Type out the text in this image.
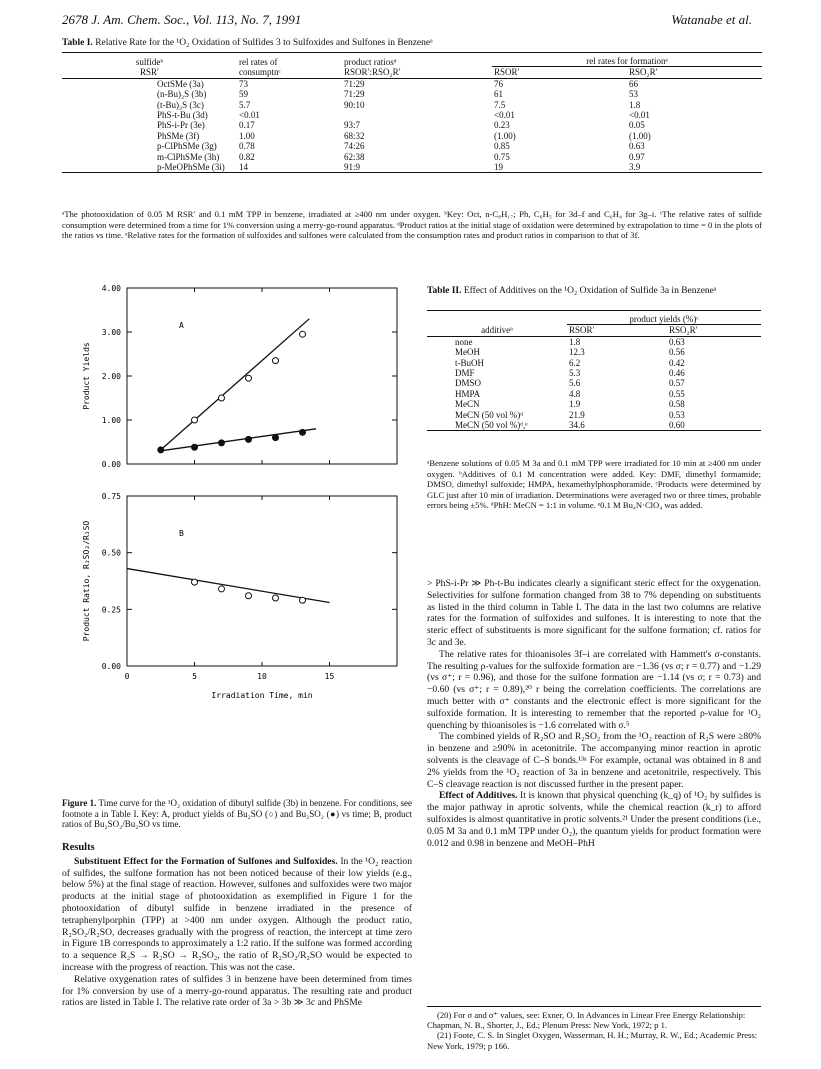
2678 J. Am. Chem. Soc., Vol. 113, No. 7, 1991	Watanabe et al.
Table I. Relative Rate for the ¹O₂ Oxidation of Sulfides 3 to Sulfoxides and Sulfones in Benzeneᵃ
sulfideᵇ	rel rates of	product ratiosᵈ	rel rates for formationᵉ	
RSR′	consumptnᶜ	RSOR′:RSO₂R′	RSOR′	RSO₂R′
OctSMe (3a)	73	71:29	76	66
(n-Bu)₂S (3b)	59	71:29	61	53
(t-Bu)₂S (3c)	5.7	90:10	7.5	1.8
PhS-t-Bu (3d)	<0.01		<0.01	<0.01
PhS-i-Pr (3e)	0.17	93:7	0.23	0.05
PhSMe (3f)	1.00	68:32	(1.00)	(1.00)
p-ClPhSMe (3g)	0.78	74:26	0.85	0.63
m-ClPhSMe (3h)	0.82	62:38	0.75	0.97
p-MeOPhSMe (3i)	14	91:9	19	3.9
ᵃThe photooxidation of 0.05 M RSR′ and 0.1 mM TPP in benzene, irradiated at ≥400 nm under oxygen. ᵇKey: Oct, n-C₈H₁₇; Ph, C₆H₅ for 3d–f and C₆H₄ for 3g–i. ᶜThe relative rates of sulfide consumption were determined from a time for 1% conversion using a merry-go-round apparatus. ᵈProduct ratios at the initial stage of oxidation were determined by extrapolation to time = 0 in the plots of the ratios vs time. ᵉRelative rates for the formation of sulfoxides and sulfones were calculated from the consumption rates and product ratios in comparison to that of 3f.
0.00
1.00
2.00
3.00
4.00
Product Yields
A
0.00
0.25
0.50
0.75
0	5	10	15
Irradiation Time, min
Product Ratio, R₂SO₂/R₂SO	B
Figure 1. Time curve for the ¹O₂ oxidation of dibutyl sulfide (3b) in benzene. For conditions, see footnote a in Table I. Key: A, product yields of Bu₂SO (○) and Bu₂SO₂ (●) vs time; B, product ratios of Bu₂SO₂/Bu₂SO vs time.
Table II. Effect of Additives on the ¹O₂ Oxidation of Sulfide 3a in Benzeneᵃ
	product yields (%)ᶜ	
additiveᵇ	RSOR′	RSO₂R′
none	1.8	0.63
MeOH	12.3	0.56
t-BuOH	6.2	0.42
DMF	5.3	0.46
DMSO	5.6	0.57
HMPA	4.8	0.55
MeCN	1.9	0.58
MeCN (50 vol %)ᵈ	21.9	0.53
MeCN (50 vol %)ᵈ,ᵉ	34.6	0.60
ᵃBenzene solutions of 0.05 M 3a and 0.1 mM TPP were irradiated for 10 min at ≥400 nm under oxygen. ᵇAdditives of 0.1 M concentration were added. Key: DMF, dimethyl formamide; DMSO, dimethyl sulfoxide; HMPA, hexamethylphosphoramide. ᶜProducts were determined by GLC just after 10 min of irradiation. Determinations were averaged two or three times, probable errors being ±5%. ᵈPhH: MeCN = 1:1 in volume. ᵉ0.1 M Bu₄N·ClO₄ was added.

Results

Substituent Effect for the Formation of Sulfones and Sulfoxides. In the ¹O₂ reaction of sulfides, the sulfone formation has not been noticed because of their low yields (e.g., below 5%) at the final stage of reaction. However, sulfones and sulfoxides were two major products at the initial stage of photooxidation as exemplified in Figure 1 for the photooxidation of dibutyl sulfide in benzene irradiated in the presence of tetraphenylporphin (TPP) at >400 nm under oxygen. Although the product ratio, R₂SO₂/R₂SO, decreases gradually with the progress of reaction, the intercept at time zero in Figure 1B corresponds to approximately a 1:2 ratio. If the sulfone was formed according to a sequence R₂S → R₂SO → R₂SO₂, the ratio of R₂SO₂/R₂SO would be expected to increase with the progress of reaction. This was not the case.

Relative oxygenation rates of sulfides 3 in benzene have been determined from times for 1% conversion by use of a merry-go-round apparatus. The resulting rate and product ratios are listed in Table I. The relative rate order of 3a > 3b ≫ 3c and PhSMe

> PhS-i-Pr ≫ Ph-t-Bu indicates clearly a significant steric effect for the oxygenation. Selectivities for sulfone formation changed from 38 to 7% depending on substituents as listed in the third column in Table I. The data in the last two columns are relative rates for the formation of sulfoxides and sulfones. It is interesting to note that the steric effect of substituents is more significant for the sulfone formation; cf. ratios for 3c and 3e.

The relative rates for thioanisoles 3f–i are correlated with Hammett's σ-constants. The resulting ρ-values for the sulfoxide formation are −1.36 (vs σ; r = 0.77) and −1.29 (vs σ⁺; r = 0.96), and those for the sulfone formation are −1.14 (vs σ; r = 0.73) and −0.60 (vs σ⁺; r = 0.89),²⁰ r being the correlation coefficients. The correlations are much better with σ⁺ constants and the electronic effect is more significant for the sulfoxide formation. It is interesting to remember that the reported ρ-value for ¹O₂ quenching by thioanisoles is −1.6 correlated with σ.⁵

The combined yields of R₂SO and R₂SO₂ from the ¹O₂ reaction of R₂S were ≥80% in benzene and ≥90% in acetonitrile. The accompanying minor reaction in aprotic solvents is the cleavage of C–S bonds.¹³ᵃ For example, octanal was obtained in 8 and 2% yields from the ¹O₂ reaction of 3a in benzene and acetonitrile, respectively. This C–S cleavage reaction is not discussed further in the present paper.

Effect of Additives. It is known that physical quenching (k_q) of ¹O₂ by sulfides is the major pathway in aprotic solvents, while the chemical reaction (k_r) to afford sulfoxides is almost quantitative in protic solvents.²¹ Under the present conditions (i.e., 0.05 M 3a and 0.1 mM TPP under O₂), the quantum yields for product formation were 0.012 and 0.98 in benzene and MeOH–PhH

(20) For σ and σ⁺ values, see: Exner, O. In Advances in Linear Free Energy Relationship: Chapman, N. B., Shorter, J., Ed.; Plenum Press: New York, 1972; p 1.

(21) Foote, C. S. In Singlet Oxygen, Wasserman, H. H.; Murray, R. W., Ed.; Academic Press: New York, 1979; p 166.
